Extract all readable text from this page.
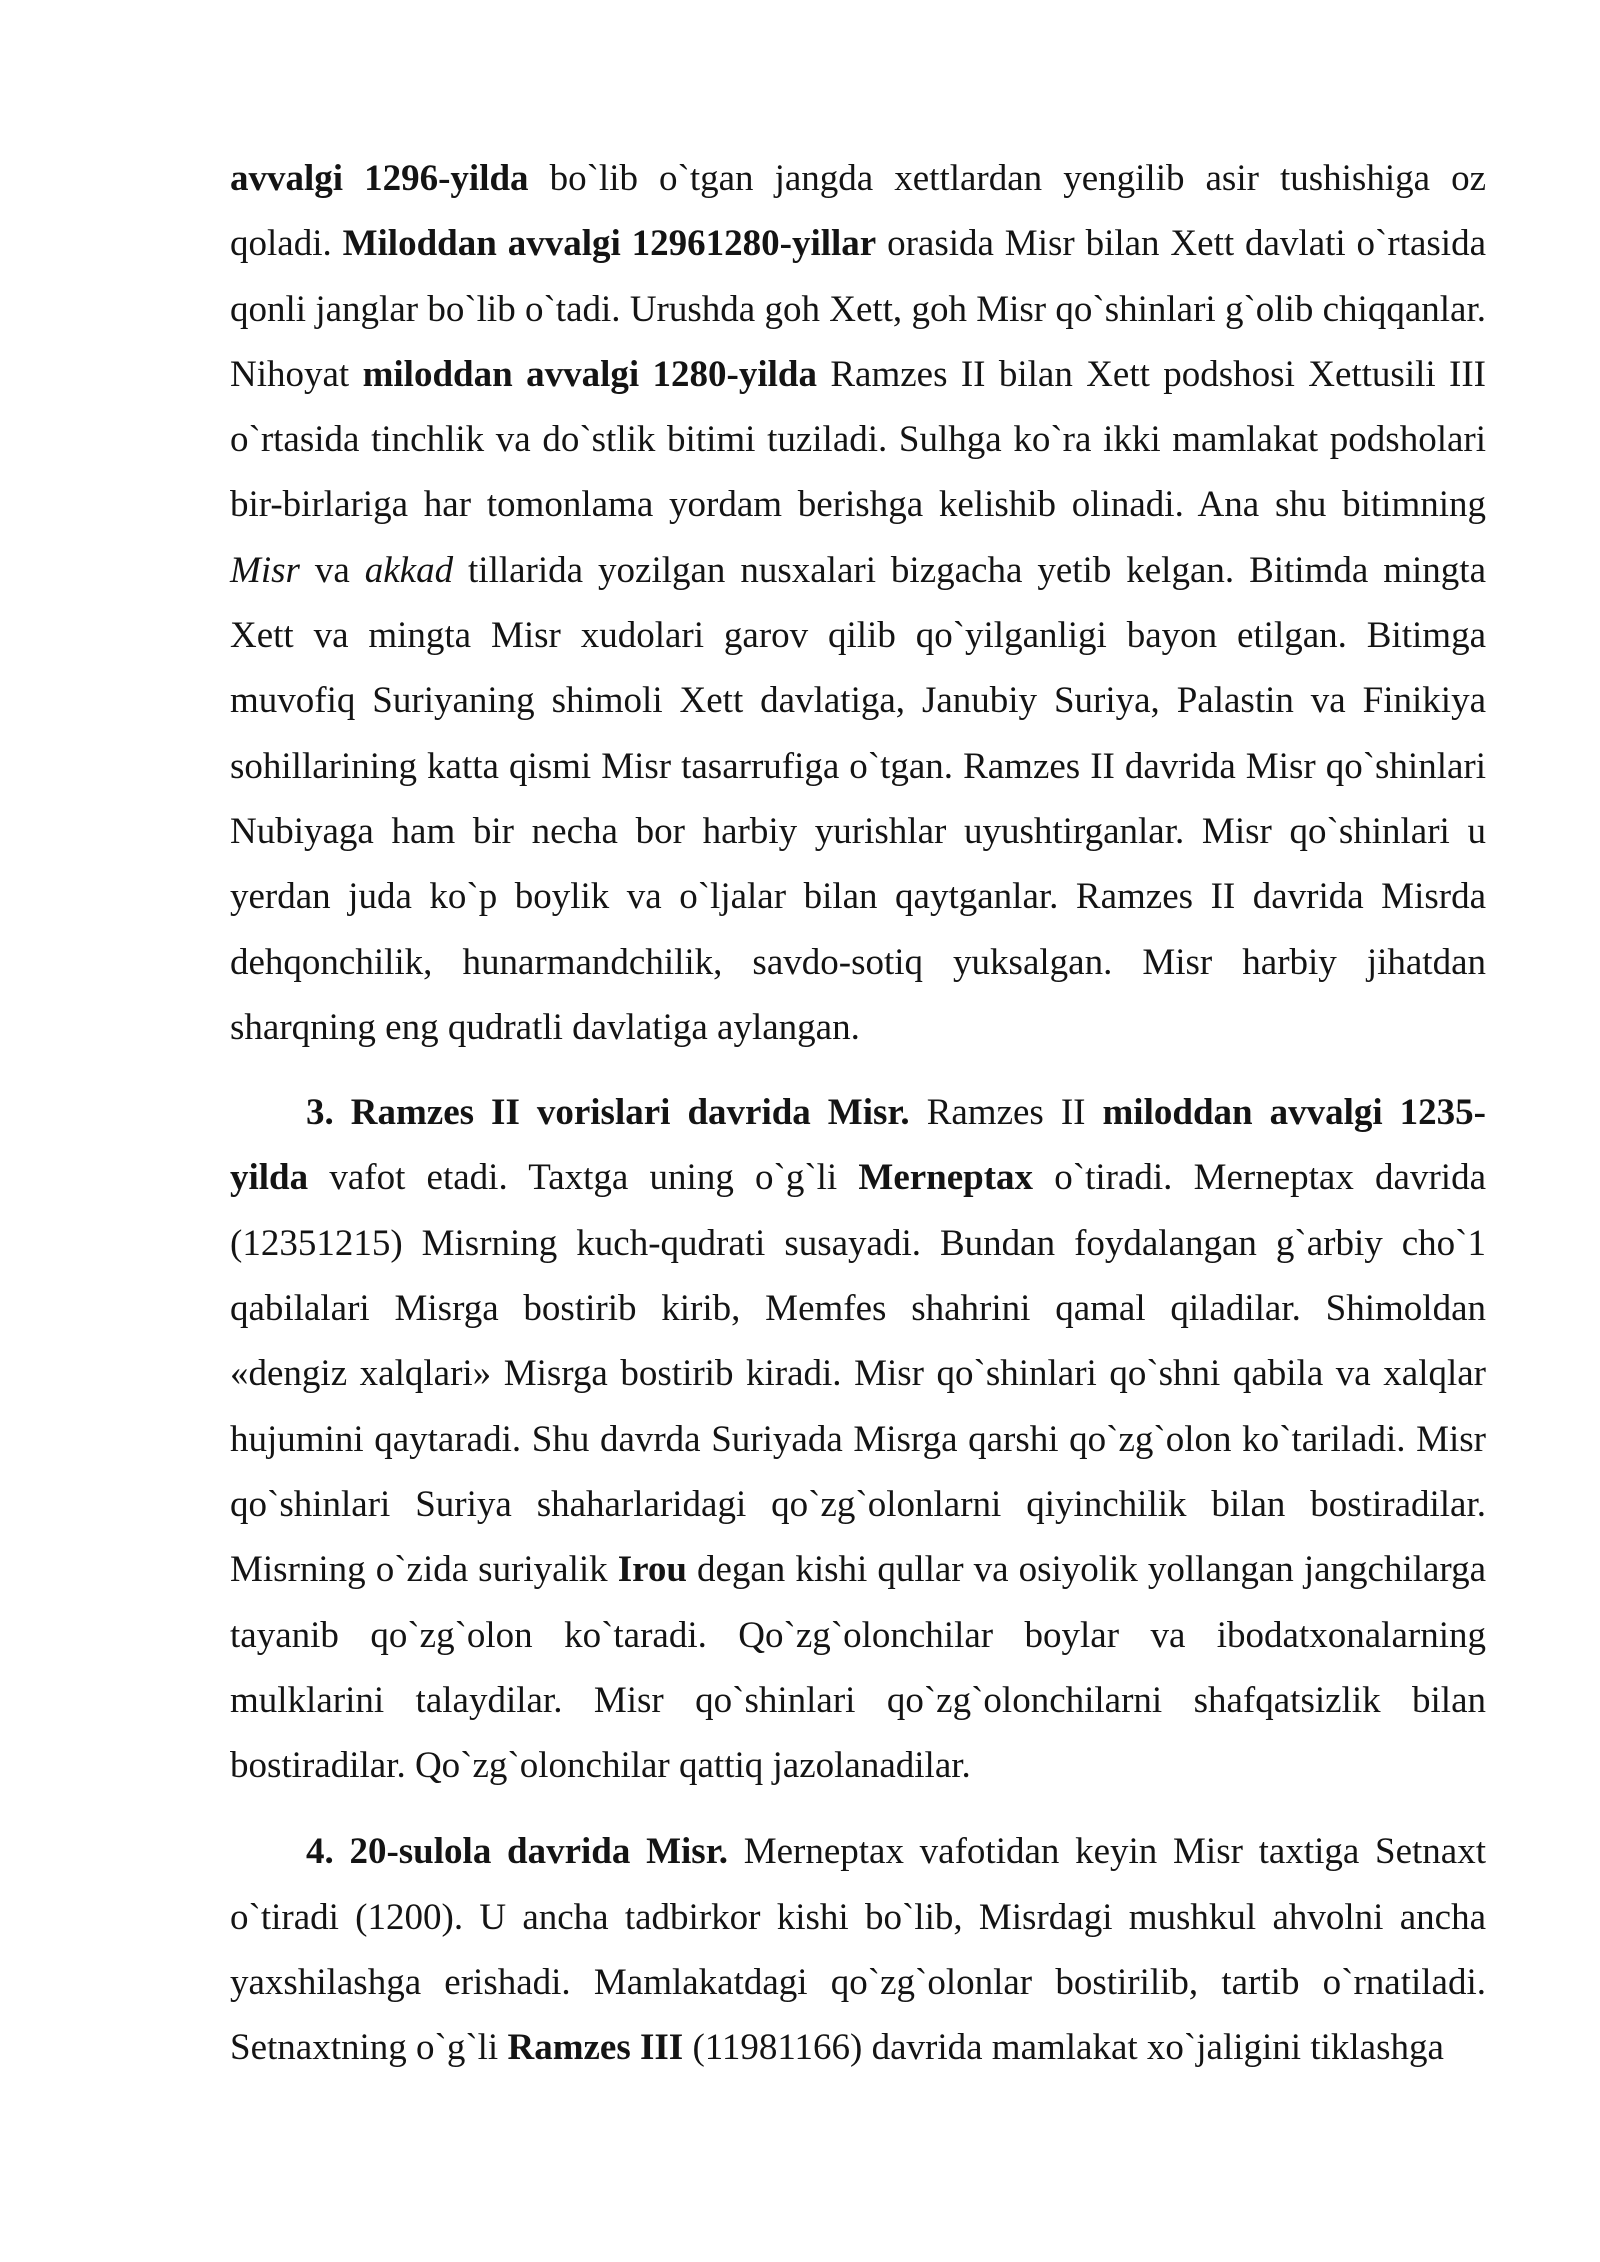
avvalgi 1296-yilda bo`lib o`tgan jangda xettlardan yengilib asir tushishiga oz qoladi. Miloddan avvalgi 12961280-yillar orasida Misr bilan Xett davlati o`rtasida qonli janglar bo`lib o`tadi. Urushda goh Xett, goh Misr qo`shinlari g`olib chiqqanlar. Nihoyat miloddan avvalgi 1280-yilda Ramzes II bilan Xett podshosi Xettusili III o`rtasida tinchlik va do`stlik bitimi tuziladi. Sulhga ko`ra ikki mamlakat podsholari bir-birlariga har tomonlama yordam berishga kelishib olinadi. Ana shu bitimning Misr va akkad tillarida yozilgan nusxalari bizgacha yetib kelgan. Bitimda mingta Xett va mingta Misr xudolari garov qilib qo`yilganligi bayon etilgan. Bitimga muvofiq Suriyaning shimoli Xett davlatiga, Janubiy Suriya, Palastin va Finikiya sohillarining katta qismi Misr tasarrufiga o`tgan. Ramzes II davrida Misr qo`shinlari Nubiyaga ham bir necha bor harbiy yurishlar uyushtirganlar. Misr qo`shinlari u yerdan juda ko`p boylik va o`ljalar bilan qaytganlar. Ramzes II davrida Misrda dehqonchilik, hunarmandchilik, savdo-sotiq yuksalgan. Misr harbiy jihatdan sharqning eng qudratli davlatiga aylangan.

3. Ramzes II vorislari davrida Misr. Ramzes II miloddan avvalgi 1235-yilda vafot etadi. Taxtga uning o`g`li Merneptax o`tiradi. Merneptax davrida (12351215) Misrning kuch-qudrati susayadi. Bundan foydalangan g`arbiy cho`1 qabilalari Misrga bostirib kirib, Memfes shahrini qamal qiladilar. Shimoldan «dengiz xalqlari» Misrga bostirib kiradi. Misr qo`shinlari qo`shni qabila va xalqlar hujumini qaytaradi. Shu davrda Suriyada Misrga qarshi qo`zg`olon ko`tariladi. Misr qo`shinlari Suriya shaharlaridagi qo`zg`olonlarni qiyinchilik bilan bostiradilar. Misrning o`zida suriyalik Irou degan kishi qullar va osiyolik yollangan jangchilarga tayanib qo`zg`olon ko`taradi. Qo`zg`olonchilar boylar va ibodatxonalarning mulklarini talaydilar. Misr qo`shinlari qo`zg`olonchilarni shafqatsizlik bilan bostiradilar. Qo`zg`olonchilar qattiq jazolanadilar.

4. 20-sulola davrida Misr. Merneptax vafotidan keyin Misr taxtiga Setnaxt o`tiradi (1200). U ancha tadbirkor kishi bo`lib, Misrdagi mushkul ahvolni ancha yaxshilashga erishadi. Mamlakatdagi qo`zg`olonlar bostirilib, tartib o`rnatiladi. Setnaxtning o`g`li Ramzes III (11981166) davrida mamlakat xo`jaligini tiklashga
